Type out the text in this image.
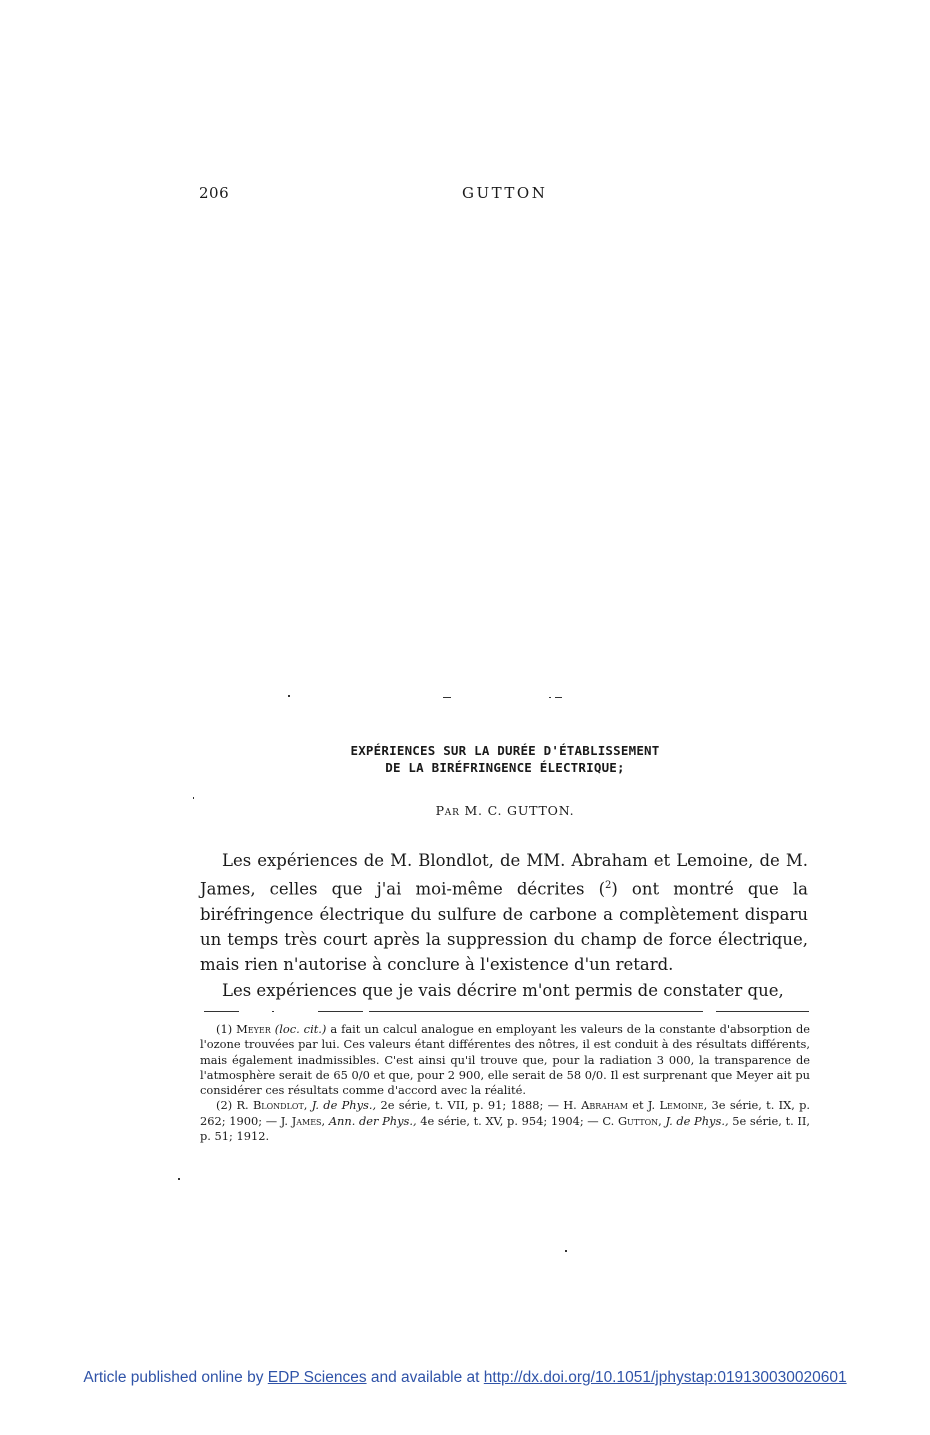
206	GUTTON
EXPÉRIENCES SUR LA DURÉE D'ÉTABLISSEMENT
DE LA BIRÉFRINGENCE ÉLECTRIQUE;
Par M. C. GUTTON.

Les expériences de M. Blondlot, de MM. Abraham et Lemoine, de M. James, celles que j'ai moi-même décrites ($^2$) ont montré que la biréfringence électrique du sulfure de carbone a complètement disparu un temps très court après la suppression du champ de force électrique, mais rien n'autorise à conclure à l'existence d'un retard.

Les expériences que je vais décrire m'ont permis de constater que,

(1) Meyer (loc. cit.) a fait un calcul analogue en employant les valeurs de la constante d'absorption de l'ozone trouvées par lui. Ces valeurs étant différentes des nôtres, il est conduit à des résultats différents, mais également inadmissibles. C'est ainsi qu'il trouve que, pour la radiation 3 000, la transparence de l'atmosphère serait de 65 0/0 et que, pour 2 900, elle serait de 58 0/0. Il est surprenant que Meyer ait pu considérer ces résultats comme d'accord avec la réalité.

(2) R. Blondlot, J. de Phys., 2e série, t. VII, p. 91; 1888; — H. Abraham et J. Lemoine, 3e série, t. IX, p. 262; 1900; — J. James, Ann. der Phys., 4e série, t. XV, p. 954; 1904; — C. Gutton, J. de Phys., 5e série, t. II, p. 51; 1912.

Article published online by EDP Sciences and available at http://dx.doi.org/10.1051/jphystap:019130030020601
